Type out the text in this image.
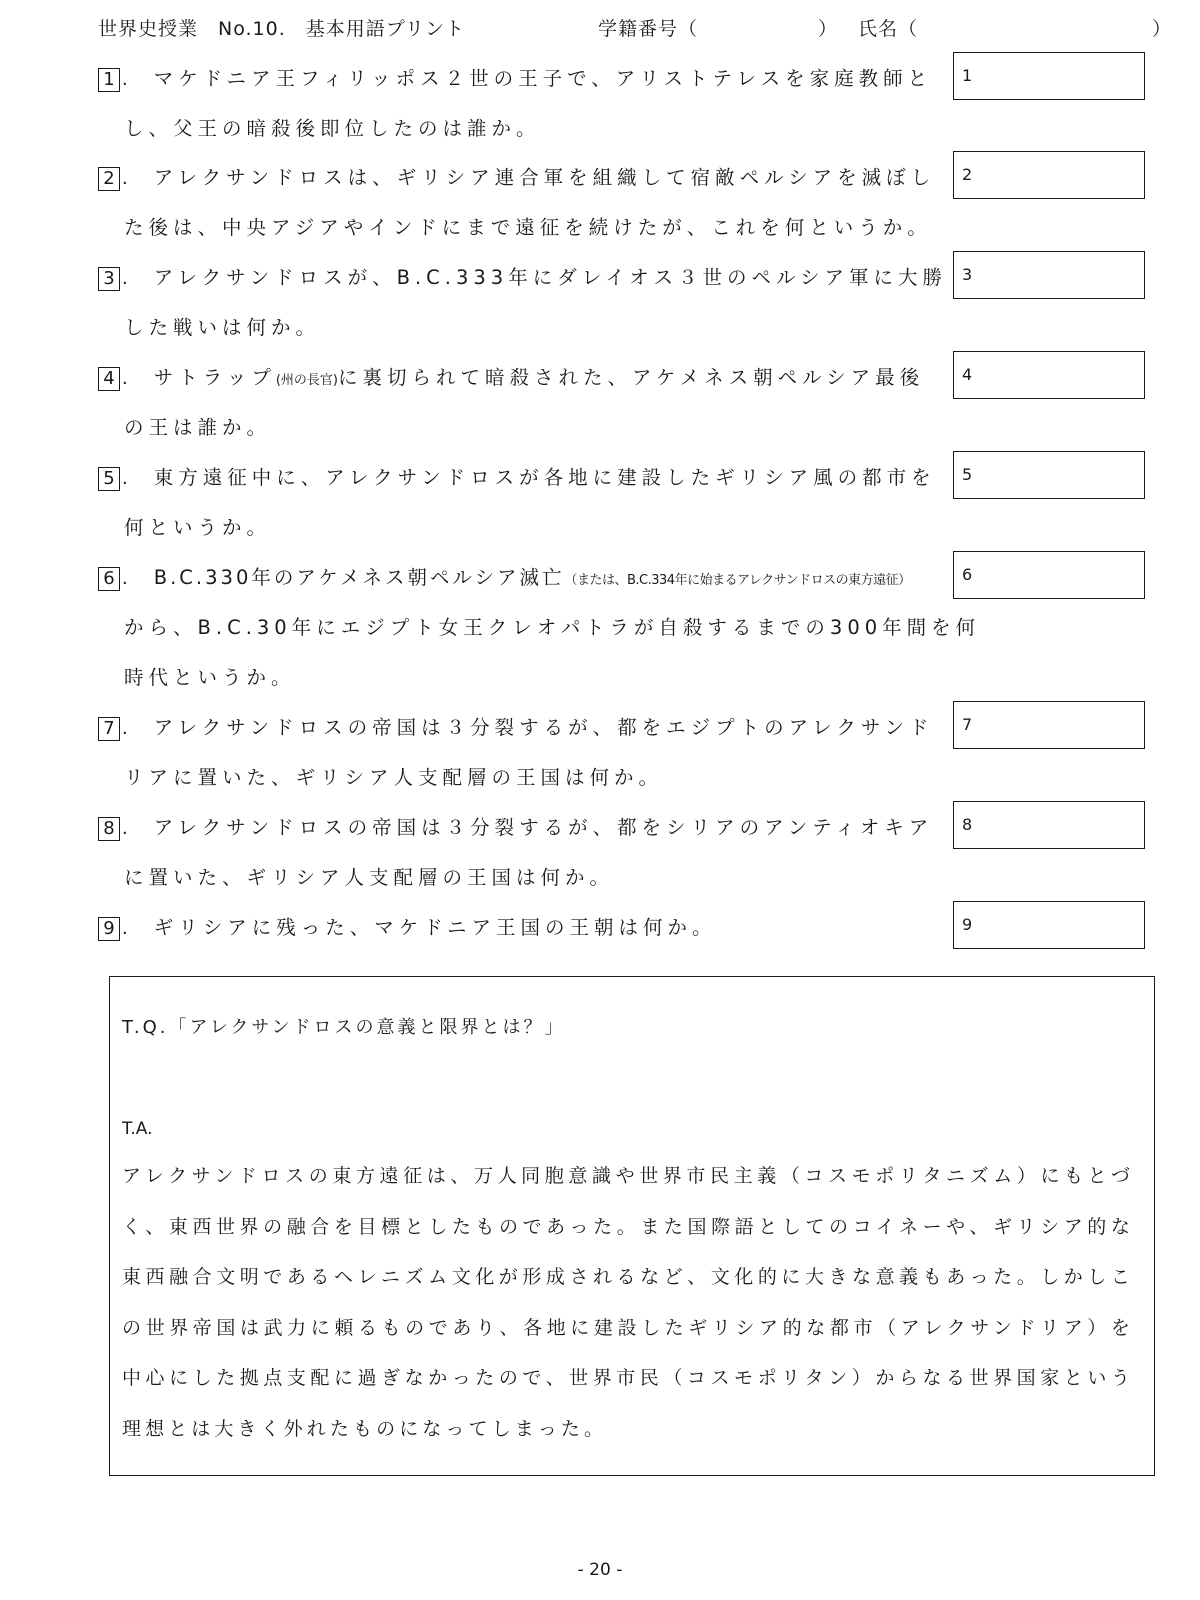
世界史授業　No.10.　基本用語プリント	学籍番号（	） 氏名（	）
1 . マケドニア王フィリッポス２世の王子で、アリストテレスを家庭教師と
し、父王の暗殺後即位したのは誰か。
1
2 . アレクサンドロスは、ギリシア連合軍を組織して宿敵ペルシアを滅ぼし
た後は、中央アジアやインドにまで遠征を続けたが、これを何というか。
2
3 . アレクサンドロスが、B.C.333年にダレイオス３世のペルシア軍に大勝
した戦いは何か。
3
4 . サトラップ(州の長官)に裏切られて暗殺された、アケメネス朝ペルシア最後
の王は誰か。
4
5 . 東方遠征中に、アレクサンドロスが各地に建設したギリシア風の都市を
何というか。
5
6 . B.C.330年のアケメネス朝ペルシア滅亡（または、B.C.334年に始まるアレクサンドロスの東方遠征）
から、B.C.30年にエジプト女王クレオパトラが自殺するまでの300年間を何
時代というか。
6
7 . アレクサンドロスの帝国は３分裂するが、都をエジプトのアレクサンド
リアに置いた、ギリシア人支配層の王国は何か。
7
8 . アレクサンドロスの帝国は３分裂するが、都をシリアのアンティオキア
に置いた、ギリシア人支配層の王国は何か。
8
9 . ギリシアに残った、マケドニア王国の王朝は何か。	9
T.Q.「アレクサンドロスの意義と限界とは？」
T.A.
アレクサンドロスの東方遠征は、万人同胞意識や世界市民主義（コスモポリタニズム）にもとづく、東西世界の融合を目標としたものであった。また国際語としてのコイネーや、ギリシア的な東西融合文明であるヘレニズム文化が形成されるなど、文化的に大きな意義もあった。しかしこの世界帝国は武力に頼るものであり、各地に建設したギリシア的な都市（アレクサンドリア）を中心にした拠点支配に過ぎなかったので、世界市民（コスモポリタン）からなる世界国家という理想とは大きく外れたものになってしまった。
- 20 -
